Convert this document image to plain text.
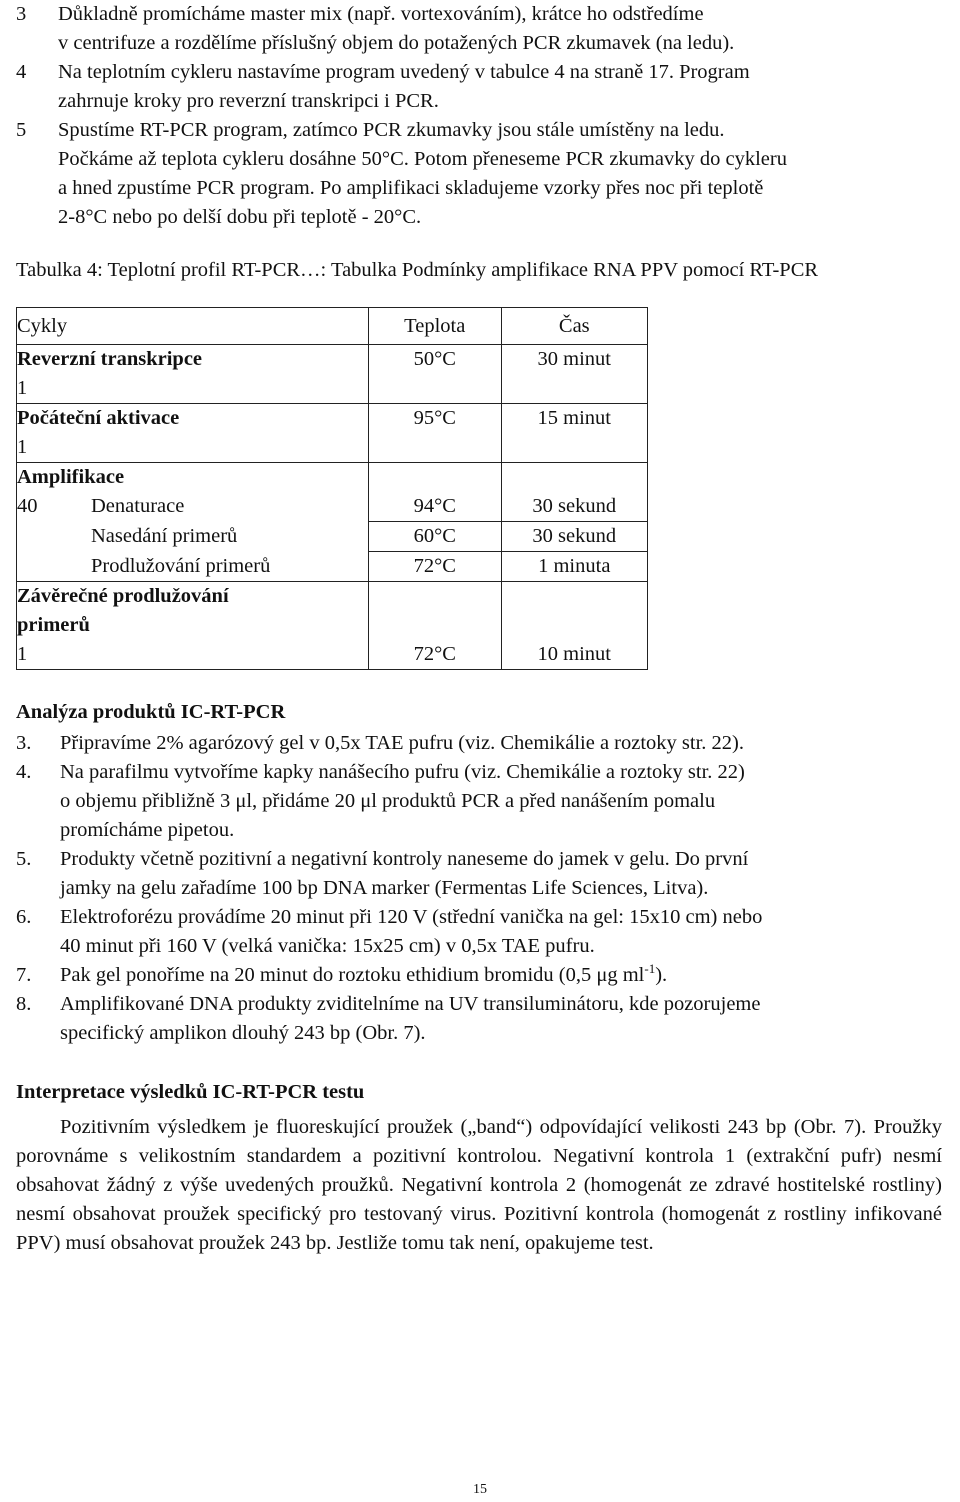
3 Důkladně promícháme master mix (např. vortexováním), krátce ho odstředíme
v centrifuze a rozdělíme příslušný objem do potažených PCR zkumavek (na ledu).
4 Na teplotním cykleru nastavíme program uvedený v tabulce 4 na straně 17. Program
zahrnuje kroky pro reverzní transkripci i PCR.
5 Spustíme RT-PCR program, zatímco PCR zkumavky jsou stále umístěny na ledu.
Počkáme až teplota cykleru dosáhne 50°C. Potom přeneseme PCR zkumavky do cykleru
a hned zpustíme PCR program. Po amplifikaci skladujeme vzorky přes noc při teplotě
2-8°C nebo po delší dobu při teplotě - 20°C.
Tabulka 4: Teplotní profil RT-PCR…: Tabulka Podmínky amplifikace RNA PPV pomocí RT-PCR
Cykly	Teplota	Čas

Reverzní transkripce
1	50°C	30 minut

Počáteční aktivace
1	95°C	15 minut

Amplifikace
40 Denaturace	94°C	30 sekund

Nasedání primerů	60°C	30 sekund

Prodlužování primerů	72°C	1 minuta

Závěrečné prodlužování
primerů
1	72°C	10 minut
Analýza produktů IC-RT-PCR
3. Připravíme 2% agarózový gel v 0,5x TAE pufru (viz. Chemikálie a roztoky str. 22).
4. Na parafilmu vytvoříme kapky nanášecího pufru (viz. Chemikálie a roztoky str. 22)
o objemu přibližně 3 μl, přidáme 20 μl produktů PCR a před nanášením pomalu
promícháme pipetou.
5. Produkty včetně pozitivní a negativní kontroly naneseme do jamek v gelu. Do první
jamky na gelu zařadíme 100 bp DNA marker (Fermentas Life Sciences, Litva).
6. Elektroforézu provádíme 20 minut při 120 V (střední vanička na gel: 15x10 cm) nebo
40 minut při 160 V (velká vanička: 15x25 cm) v 0,5x TAE pufru.
7. Pak gel ponoříme na 20 minut do roztoku ethidium bromidu (0,5 μg $ml^{-1}$).
8. Amplifikované DNA produkty zviditelníme na UV transiluminátoru, kde pozorujeme
specifický amplikon dlouhý 243 bp (Obr. 7).
Interpretace výsledků IC-RT-PCR testu

Pozitivním výsledkem je fluoreskující proužek („band“) odpovídající velikosti 243 bp (Obr. 7). Proužky porovnáme s velikostním standardem a pozitivní kontrolou. Negativní kontrola 1 (extrakční pufr) nesmí obsahovat žádný z výše uvedených proužků. Negativní kontrola 2 (homogenát ze zdravé hostitelské rostliny) nesmí obsahovat proužek specifický pro testovaný virus. Pozitivní kontrola (homogenát z rostliny infikované PPV) musí obsahovat proužek 243 bp. Jestliže tomu tak není, opakujeme test.

15
